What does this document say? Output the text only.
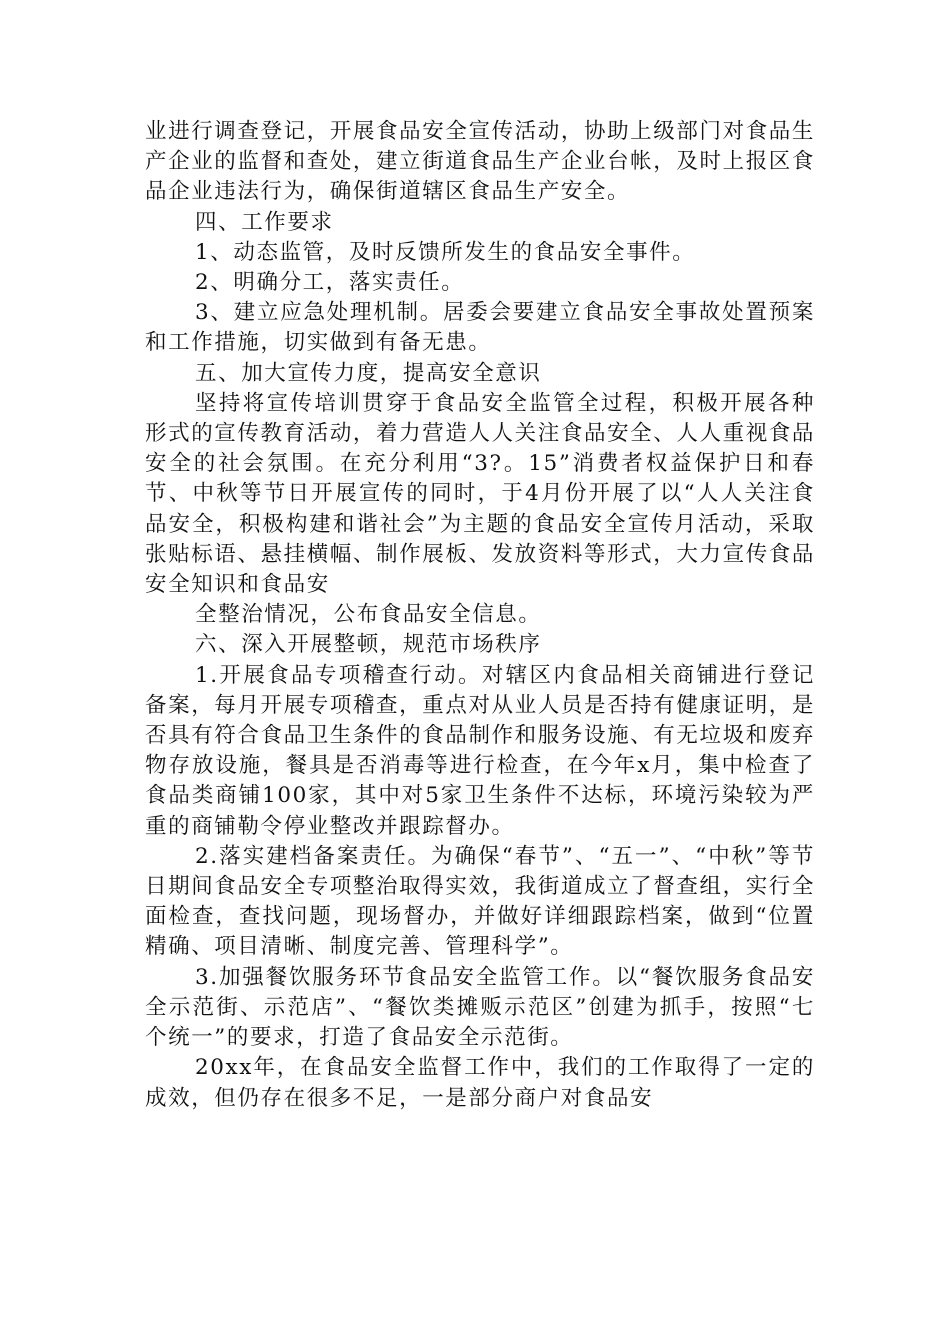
业进行调查登记，开展食品安全宣传活动，协助上级部门对食品生产企业的监督和查处，建立街道食品生产企业台帐，及时上报区食品企业违法行为，确保街道辖区食品生产安全。

四、工作要求

1、动态监管，及时反馈所发生的食品安全事件。

2、明确分工，落实责任。

3、建立应急处理机制。居委会要建立食品安全事故处置预案和工作措施，切实做到有备无患。

五、加大宣传力度，提高安全意识

坚持将宣传培训贯穿于食品安全监管全过程，积极开展各种形式的宣传教育活动，着力营造人人关注食品安全、人人重视食品安全的社会氛围。在充分利用“3?。15”消费者权益保护日和春节、中秋等节日开展宣传的同时，于4月份开展了以“人人关注食品安全，积极构建和谐社会”为主题的食品安全宣传月活动，采取张贴标语、悬挂横幅、制作展板、发放资料等形式，大力宣传食品安全知识和食品安

全整治情况，公布食品安全信息。

六、深入开展整顿，规范市场秩序

1.开展食品专项稽查行动。对辖区内食品相关商铺进行登记备案，每月开展专项稽查，重点对从业人员是否持有健康证明，是否具有符合食品卫生条件的食品制作和服务设施、有无垃圾和废弃物存放设施，餐具是否消毒等进行检查，在今年x月，集中检查了食品类商铺100家，其中对5家卫生条件不达标，环境污染较为严重的商铺勒令停业整改并跟踪督办。

2.落实建档备案责任。为确保“春节”、“五一”、“中秋”等节日期间食品安全专项整治取得实效，我街道成立了督查组，实行全面检查，查找问题，现场督办，并做好详细跟踪档案，做到“位置精确、项目清晰、制度完善、管理科学”。

3.加强餐饮服务环节食品安全监管工作。以“餐饮服务食品安全示范街、示范店”、“餐饮类摊贩示范区”创建为抓手，按照“七个统一”的要求，打造了食品安全示范街。

20xx年，在食品安全监督工作中，我们的工作取得了一定的成效，但仍存在很多不足，一是部分商户对食品安
